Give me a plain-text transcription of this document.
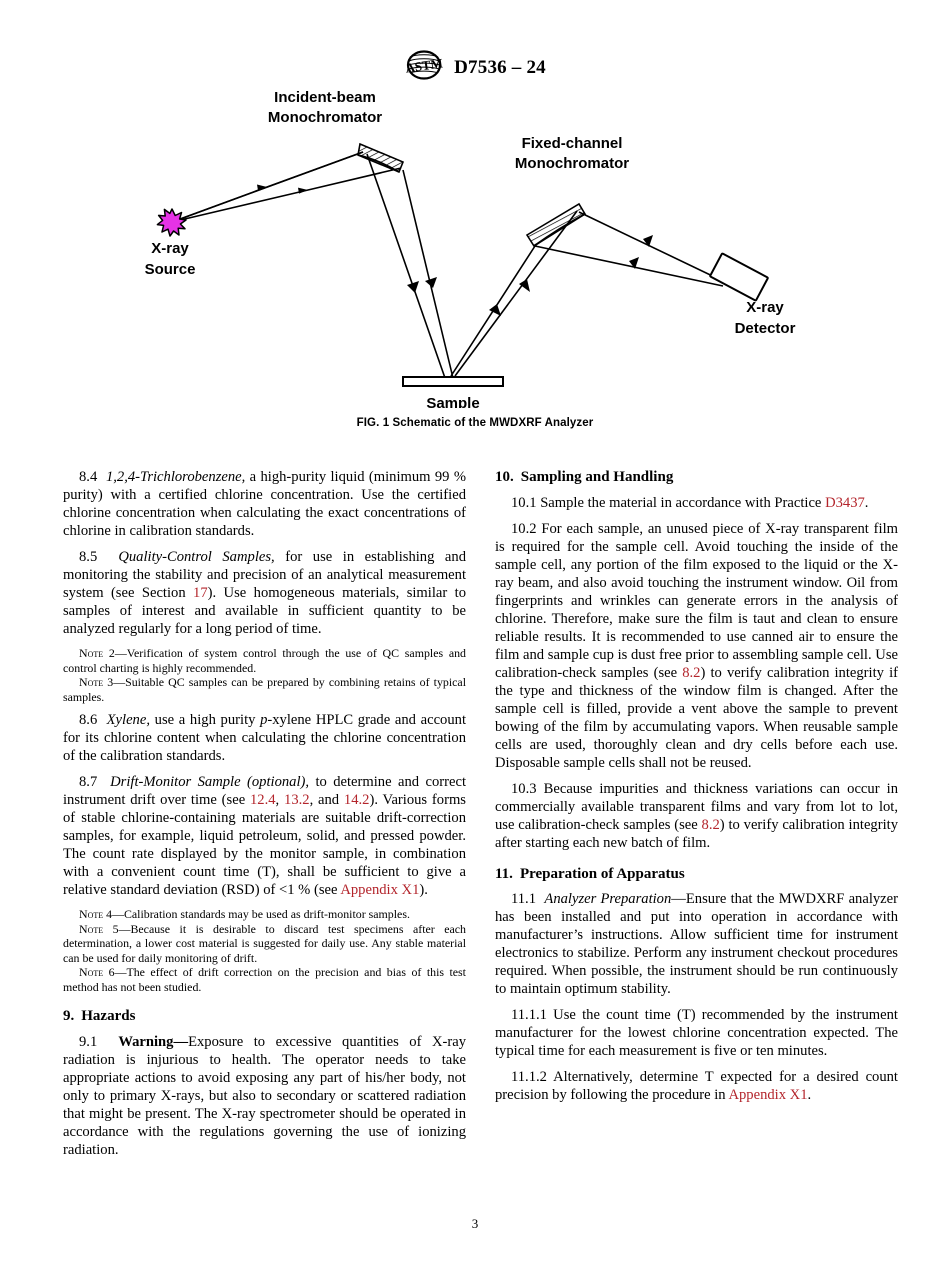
ASTM D7536 – 24
Incident-beam
Monochromator
Fixed-channel
Monochromator
X-ray
Source
X-ray
Detector
Sample
FIG. 1 Schematic of the MWDXRF Analyzer

8.4 1,2,4-Trichlorobenzene, a high-purity liquid (minimum 99 % purity) with a certified chlorine concentration. Use the certified chlorine concentration when calculating the exact concentrations of chlorine in calibration standards.

8.5 Quality-Control Samples, for use in establishing and monitoring the stability and precision of an analytical measurement system (see Section 17). Use homogeneous materials, similar to samples of interest and available in sufficient quantity to be analyzed regularly for a long period of time.

Note 2—Verification of system control through the use of QC samples and control charting is highly recommended.

Note 3—Suitable QC samples can be prepared by combining retains of typical samples.

8.6 Xylene, use a high purity p-xylene HPLC grade and account for its chlorine content when calculating the chlorine concentration of the calibration standards.

8.7 Drift-Monitor Sample (optional), to determine and correct instrument drift over time (see 12.4, 13.2, and 14.2). Various forms of stable chlorine-containing materials are suitable drift-correction samples, for example, liquid petroleum, solid, and pressed powder. The count rate displayed by the monitor sample, in combination with a convenient count time (T), shall be sufficient to give a relative standard deviation (RSD) of <1 % (see Appendix X1).

Note 4—Calibration standards may be used as drift-monitor samples.

Note 5—Because it is desirable to discard test specimens after each determination, a lower cost material is suggested for daily use. Any stable material can be used for daily monitoring of drift.

Note 6—The effect of drift correction on the precision and bias of this test method has not been studied.

9. Hazards

9.1 Warning—Exposure to excessive quantities of X-ray radiation is injurious to health. The operator needs to take appropriate actions to avoid exposing any part of his/her body, not only to primary X-rays, but also to secondary or scattered radiation that might be present. The X-ray spectrometer should be operated in accordance with the regulations governing the use of ionizing radiation.

10. Sampling and Handling

10.1 Sample the material in accordance with Practice D3437.

10.2 For each sample, an unused piece of X-ray transparent film is required for the sample cell. Avoid touching the inside of the sample cell, any portion of the film exposed to the liquid or the X-ray beam, and also avoid touching the instrument window. Oil from fingerprints and wrinkles can generate errors in the analysis of chlorine. Therefore, make sure the film is taut and clean to ensure reliable results. It is recommended to use canned air to ensure the film and sample cup is dust free prior to assembling sample cell. Use calibration-check samples (see 8.2) to verify calibration integrity if the type and thickness of the window film is changed. After the sample cell is filled, provide a vent above the sample to prevent bowing of the film by accumulating vapors. When reusable sample cells are used, thoroughly clean and dry cells before each use. Disposable sample cells shall not be reused.

10.3 Because impurities and thickness variations can occur in commercially available transparent films and vary from lot to lot, use calibration-check samples (see 8.2) to verify calibration integrity after starting each new batch of film.

11. Preparation of Apparatus

11.1 Analyzer Preparation—Ensure that the MWDXRF analyzer has been installed and put into operation in accordance with manufacturer’s instructions. Allow sufficient time for instrument electronics to stabilize. Perform any instrument checkout procedures required. When possible, the instrument should be run continuously to maintain optimum stability.

11.1.1 Use the count time (T) recommended by the instrument manufacturer for the lowest chlorine concentration expected. The typical time for each measurement is five or ten minutes.

11.1.2 Alternatively, determine T expected for a desired count precision by following the procedure in Appendix X1.

3
